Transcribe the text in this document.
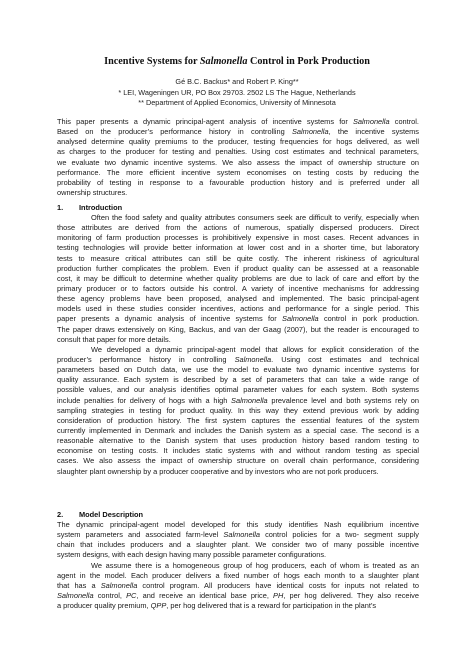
Incentive Systems for Salmonella Control in Pork Production
Gé B.C. Backus* and Robert P. King**
* LEI, Wageningen UR, PO Box 29703. 2502 LS The Hague, Netherlands
** Department of Applied Economics, University of Minnesota
This paper presents a dynamic principal-agent analysis of incentive systems for Salmonella control.
Based on the producer’s performance history in controlling Salmonella, the incentive systems
analysed determine quality premiums to the producer, testing frequencies for hogs delivered, as well
as charges to the producer for testing and penalties. Using cost estimates and technical parameters,
we evaluate two dynamic incentive systems. We also assess the impact of ownership structure on
performance. The more efficient incentive system economises on testing costs by reducing the
probability of testing in response to a favourable production history and is preferred under all
ownership structures.
1. Introduction
Often the food safety and quality attributes consumers seek are difficult to verify, especially when
those attributes are derived from the actions of numerous, spatially dispersed producers. Direct
monitoring of farm production processes is prohibitively expensive in most cases. Recent advances in
testing technologies will provide better information at lower cost and in a shorter time, but laboratory
tests to measure critical attributes can still be quite costly. The inherent riskiness of agricultural
production further complicates the problem. Even if product quality can be assessed at a reasonable
cost, it may be difficult to determine whether quality problems are due to lack of care and effort by the
primary producer or to factors outside his control. A variety of incentive mechanisms for addressing
these agency problems have been proposed, analysed and implemented. The basic principal-agent
models used in these studies consider incentives, actions and performance for a single period. This
paper presents a dynamic analysis of incentive systems for Salmonella control in pork production.
The paper draws extensively on King, Backus, and van der Gaag (2007), but the reader is encouraged to
consult that paper for more details.
We developed a dynamic principal-agent model that allows for explicit consideration of the
producer’s performance history in controlling Salmonella. Using cost estimates and technical
parameters based on Dutch data, we use the model to evaluate two dynamic incentive systems for
quality assurance. Each system is described by a set of parameters that can take a wide range of
possible values, and our analysis identifies optimal parameter values for each system. Both systems
include penalties for delivery of hogs with a high Salmonella prevalence level and both systems rely on
sampling strategies in testing for product quality. In this way they extend previous work by adding
consideration of production history. The first system captures the essential features of the system
currently implemented in Denmark and includes the Danish system as a special case. The second is a
reasonable alternative to the Danish system that uses production history based random testing to
economise on testing costs. It includes static systems with and without random testing as special
cases. We also assess the impact of ownership structure on overall chain performance, considering
slaughter plant ownership by a producer cooperative and by investors who are not pork producers.
2. Model Description
The dynamic principal-agent model developed for this study identifies Nash equilibrium incentive
system parameters and associated farm-level Salmonella control policies for a two- segment supply
chain that includes producers and a slaughter plant. We consider two of many possible incentive
system designs, with each design having many possible parameter configurations.
We assume there is a homogeneous group of hog producers, each of whom is treated as an
agent in the model. Each producer delivers a fixed number of hogs each month to a slaughter plant
that has a Salmonella control program. All producers have identical costs for inputs not related to
Salmonella control, PC, and receive an identical base price, PH, per hog delivered. They also receive
a producer quality premium, QPP, per hog delivered that is a reward for participation in the plant’s
